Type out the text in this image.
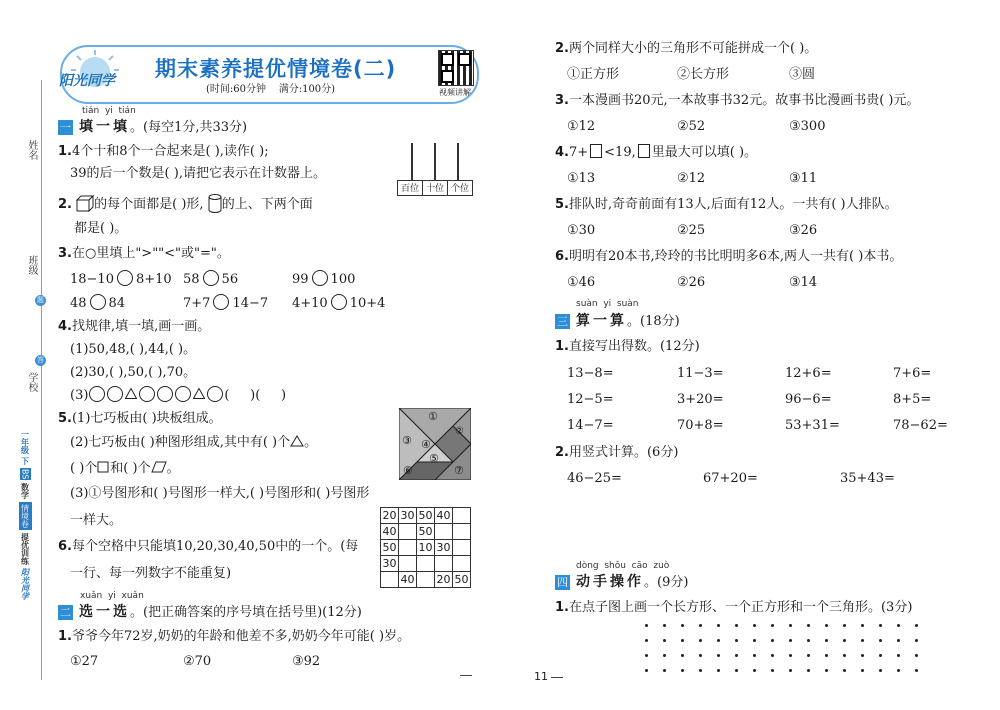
姓名
班级
学校
题
答
一年级 下
BS
数学
情境卷
提优训练
阳光同学
阳光同学 期末素养提优情境卷(二)
(时间:60分钟    满分:100分)	视频讲解
tián  yi  tián
一 填一填。(每空1分,共33分)
1.4个十和8个一合起来是( ),读作( );
39的后一个数是( ),请把它表示在计数器上。
百位 十位 个位
2. 的每个面都是( )形, 的上、下两个面
都是( )。
3.在○里填上">""<"或"="。
18−10 8+10 58 56	99 100
48 84	7+7 14−7 4+10 10+4
4.找规律,填一填,画一画。
(1)50,48,( ),44,( )。
(2)30,( ),50,( ),70。
(3)	(     )(     )
5.(1)七巧板由( )块板组成。
(2)七巧板由( )种图形组成,其中有( )个 。
( )个 和( )个 。
(3)①号图形和( )号图形一样大,( )号图形和( )号图形
一样大。
①
②
③ ④
⑤
⑥	⑦
6.每个空格中只能填10,20,30,40,50中的一个。(每
一行、每一列数字不能重复)
20	30	50	40	
40		50		
50		10	30	
30				
	40		20	50
xuǎn  yi  xuǎn
二 选一选。(把正确答案的序号填在括号里)(12分)
1.爷爷今年72岁,奶奶的年龄和他差不多,奶奶今年可能( )岁。
①27	②70	③92
2.两个同样大小的三角形不可能拼成一个( )。
①正方形	②长方形	③圆
3.一本漫画书20元,一本故事书32元。故事书比漫画书贵( )元。
①12	②52	③300
4.7+ <19, 里最大可以填( )。
①13	②12	③11
5.排队时,奇奇前面有13人,后面有12人。一共有( )人排队。
①30	②25	③26
6.明明有20本书,玲玲的书比明明多6本,两人一共有( )本书。
①46	②26	③14
suàn  yi  suàn
三 算一算。(18分)
1.直接写出得数。(12分)
13−8=	11−3=	12+6=	7+6=
12−5=	3+20=	96−6=	8+5=
14−7=	70+8=	53+31=	78−62=
2.用竖式计算。(6分)
46−25=	67+20=	35+43=
dòng  shǒu  cāo  zuò
四 动手操作。(9分)
1.在点子图上画一个长方形、一个正方形和一个三角形。(3分)
11
